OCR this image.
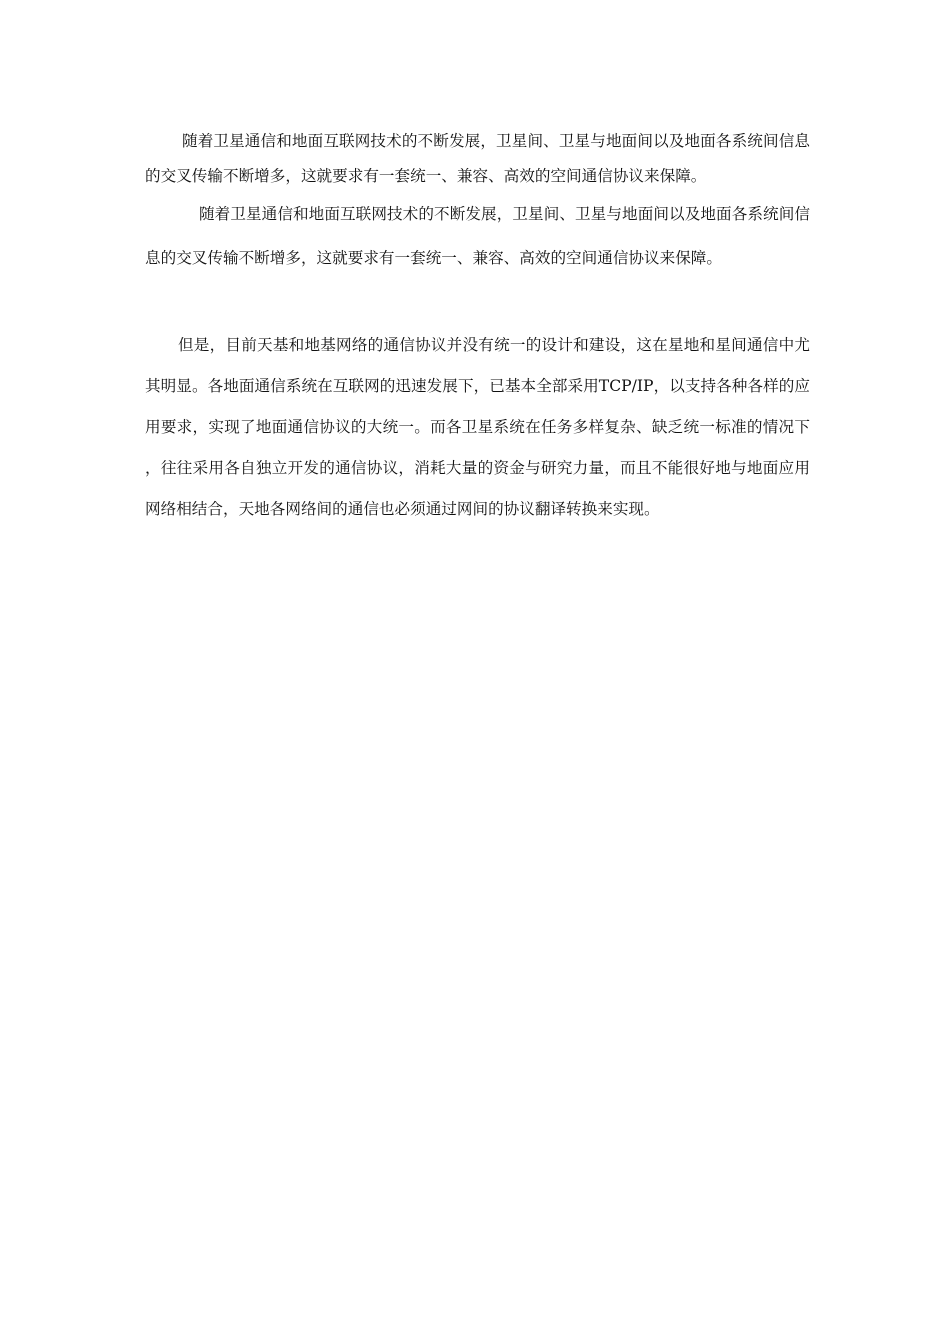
随着卫星通信和地面互联网技术的不断发展，卫星间、卫星与地面间以及地面各系统间信息的交叉传输不断增多，这就要求有一套统一、兼容、高效的空间通信协议来保障。

随着卫星通信和地面互联网技术的不断发展，卫星间、卫星与地面间以及地面各系统间信息的交叉传输不断增多，这就要求有一套统一、兼容、高效的空间通信协议来保障。

但是，目前天基和地基网络的通信协议并没有统一的设计和建设，这在星地和星间通信中尤其明显。各地面通信系统在互联网的迅速发展下，已基本全部采用TCP/IP，以支持各种各样的应用要求，实现了地面通信协议的大统一。而各卫星系统在任务多样复杂、缺乏统一标准的情况下，往往采用各自独立开发的通信协议，消耗大量的资金与研究力量，而且不能很好地与地面应用网络相结合，天地各网络间的通信也必须通过网间的协议翻译转换来实现。
